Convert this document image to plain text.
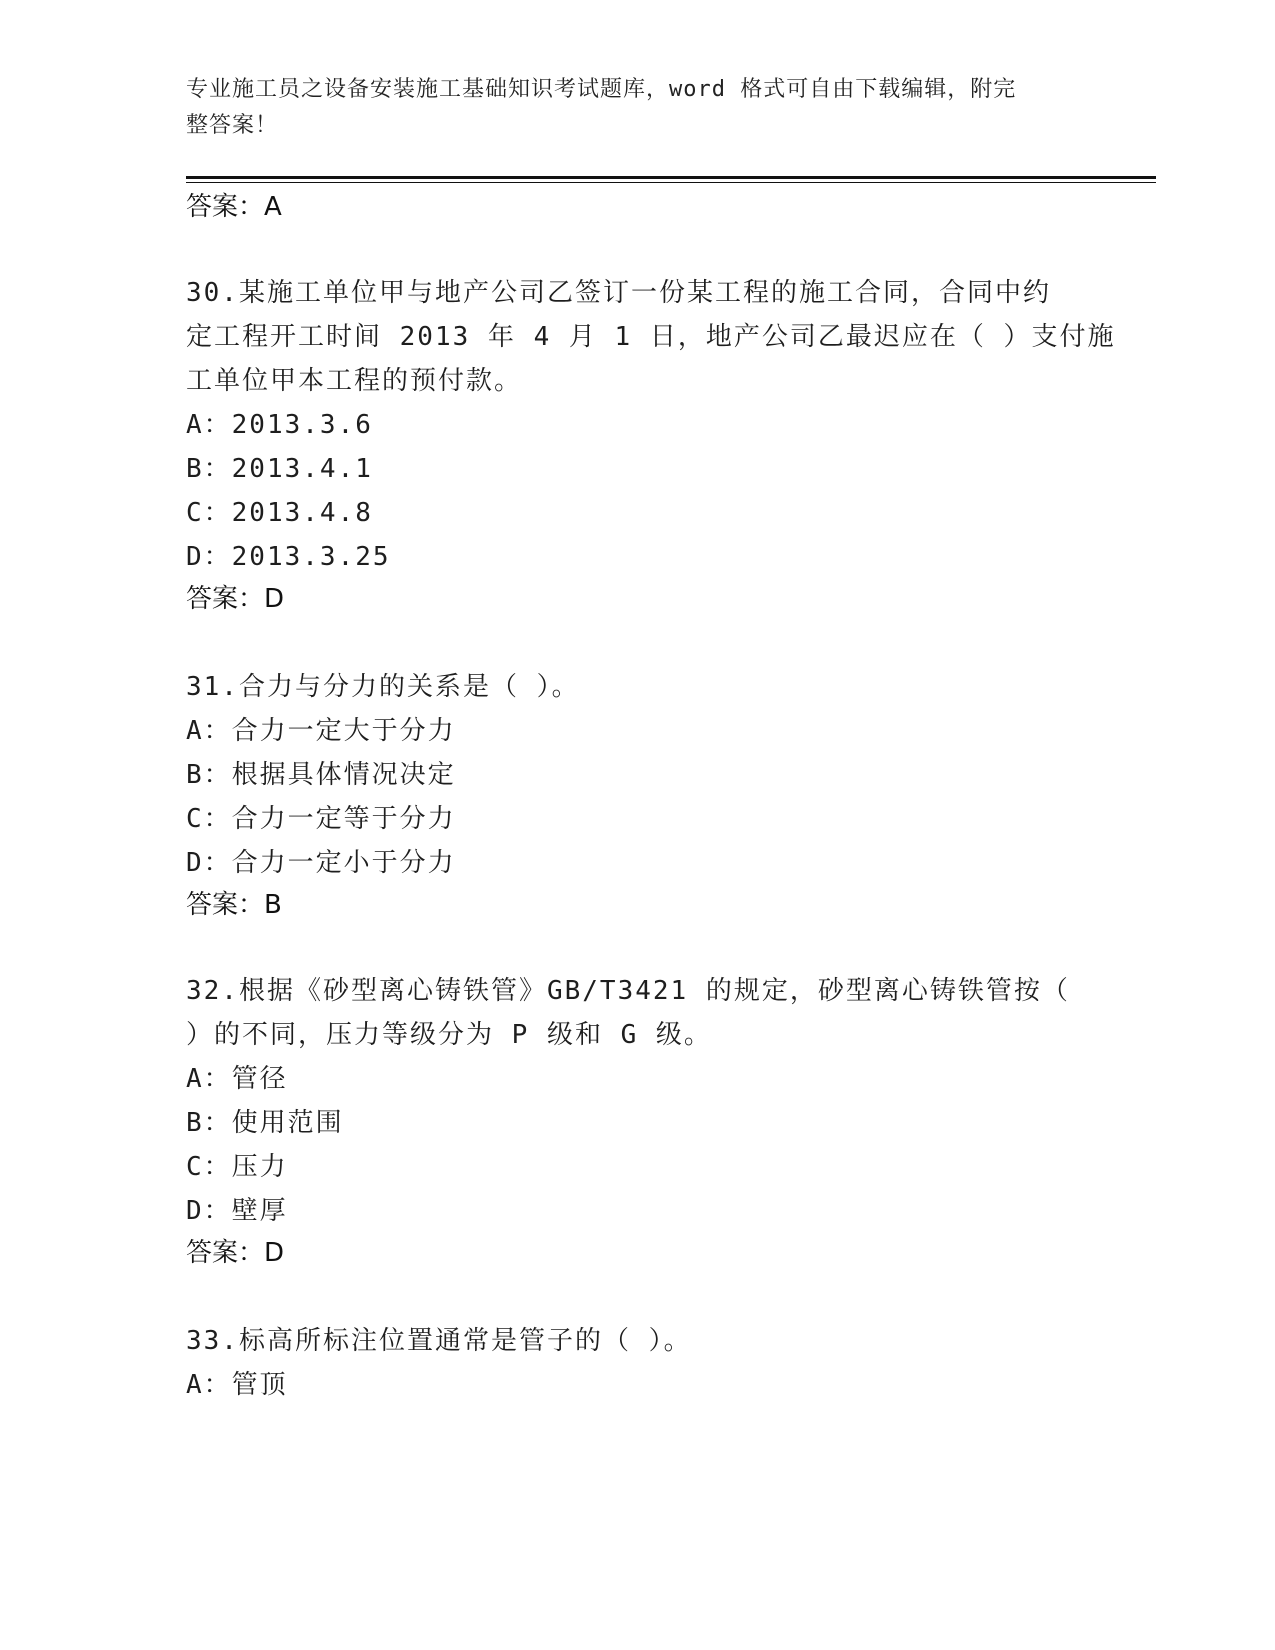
专业施工员之设备安装施工基础知识考试题库，word 格式可自由下载编辑，附完
整答案！
答案：A
30.某施工单位甲与地产公司乙签订一份某工程的施工合同，合同中约
定工程开工时间 2013 年 4 月 1 日，地产公司乙最迟应在（ ）支付施
工单位甲本工程的预付款。
A：2013.3.6
B：2013.4.1
C：2013.4.8
D：2013.3.25
答案：D
31.合力与分力的关系是（ ）。
A：合力一定大于分力
B：根据具体情况决定
C：合力一定等于分力
D：合力一定小于分力
答案：B
32.根据《砂型离心铸铁管》GB/T3421 的规定，砂型离心铸铁管按（
）的不同，压力等级分为 P 级和 G 级。
A：管径
B：使用范围
C：压力
D：壁厚
答案：D
33.标高所标注位置通常是管子的（ ）。
A：管顶
